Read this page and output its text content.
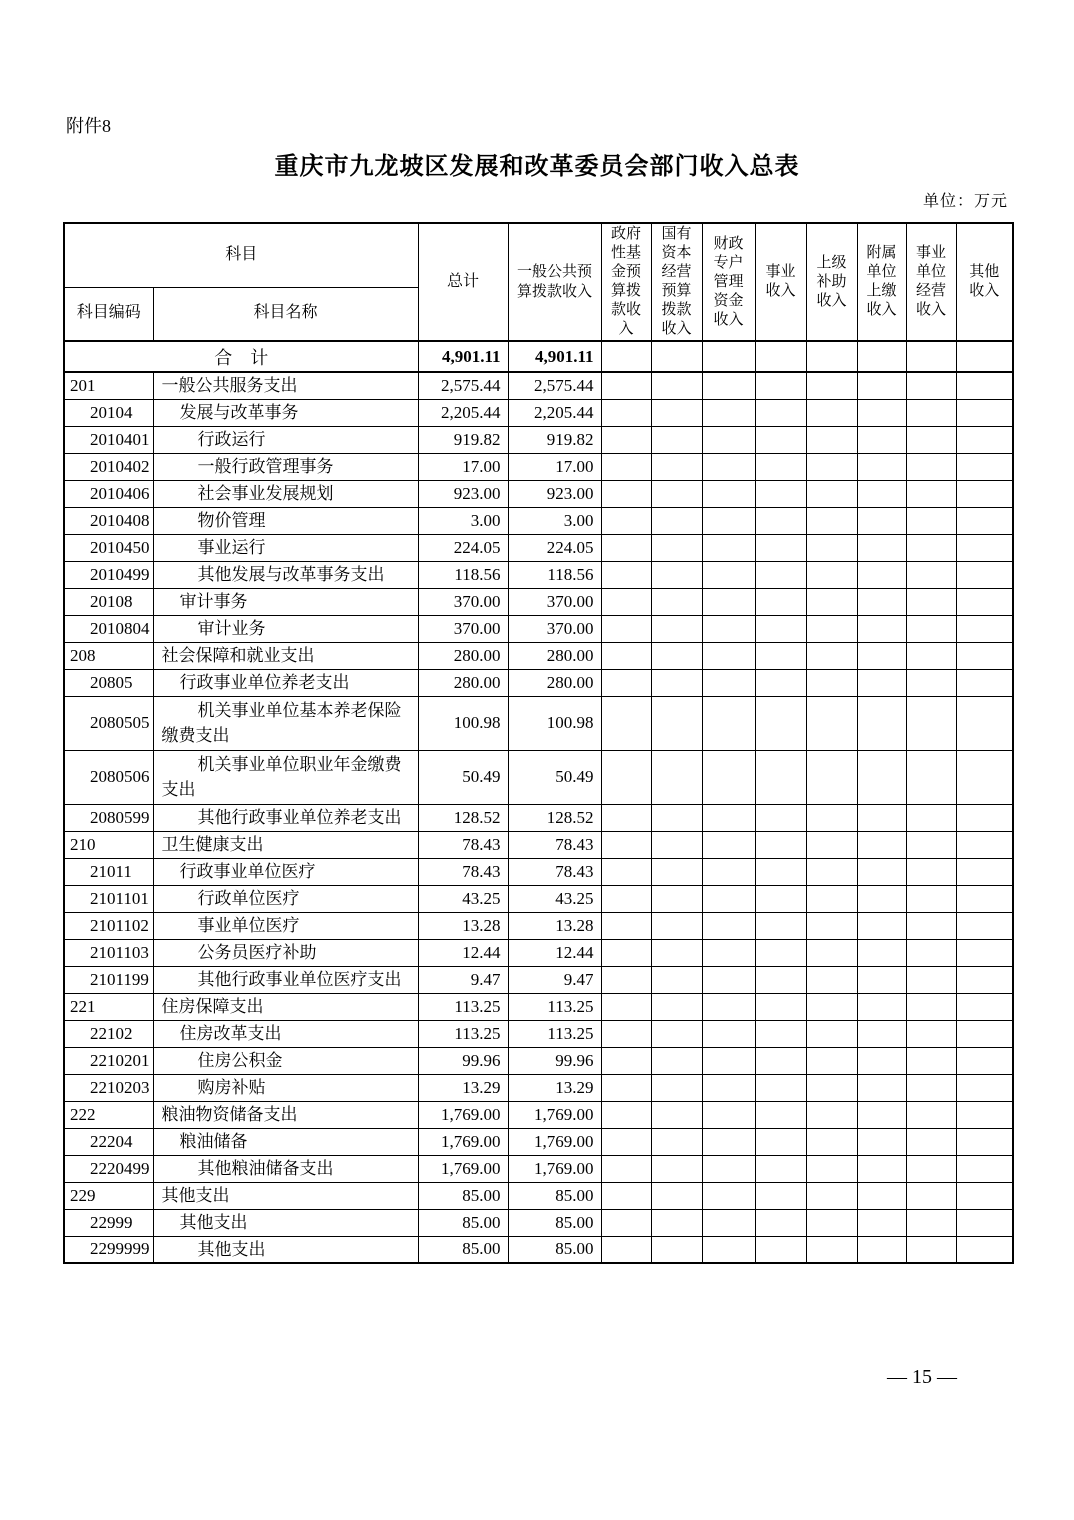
附件8
重庆市九龙坡区发展和改革委员会部门收入总表
单位：万元
科目		总计	一般公共预算拨款收入	政府性基金预算拨款收入	国有资本经营预算拨款收入	财政专户管理资金收入	事业收入	上级补助收入	附属单位上缴收入	事业单位经营收入	其他收入
科目编码	科目名称										
合　计		4,901.11	4,901.11								
201	一般公共服务支出	2,575.44	2,575.44								
20104	发展与改革事务	2,205.44	2,205.44								
2010401	行政运行	919.82	919.82								
2010402	一般行政管理事务	17.00	17.00								
2010406	社会事业发展规划	923.00	923.00								
2010408	物价管理	3.00	3.00								
2010450	事业运行	224.05	224.05								
2010499	其他发展与改革事务支出	118.56	118.56								
20108	审计事务	370.00	370.00								
2010804	审计业务	370.00	370.00								
208	社会保障和就业支出	280.00	280.00								
20805	行政事业单位养老支出	280.00	280.00								
2080505	机关事业单位基本养老保险缴费支出	100.98	100.98								
2080506	机关事业单位职业年金缴费支出	50.49	50.49								
2080599	其他行政事业单位养老支出	128.52	128.52								
210	卫生健康支出	78.43	78.43								
21011	行政事业单位医疗	78.43	78.43								
2101101	行政单位医疗	43.25	43.25								
2101102	事业单位医疗	13.28	13.28								
2101103	公务员医疗补助	12.44	12.44								
2101199	其他行政事业单位医疗支出	9.47	9.47								
221	住房保障支出	113.25	113.25								
22102	住房改革支出	113.25	113.25								
2210201	住房公积金	99.96	99.96								
2210203	购房补贴	13.29	13.29								
222	粮油物资储备支出	1,769.00	1,769.00								
22204	粮油储备	1,769.00	1,769.00								
2220499	其他粮油储备支出	1,769.00	1,769.00								
229	其他支出	85.00	85.00								
22999	其他支出	85.00	85.00								
2299999	其他支出	85.00	85.00								
— 15 —
